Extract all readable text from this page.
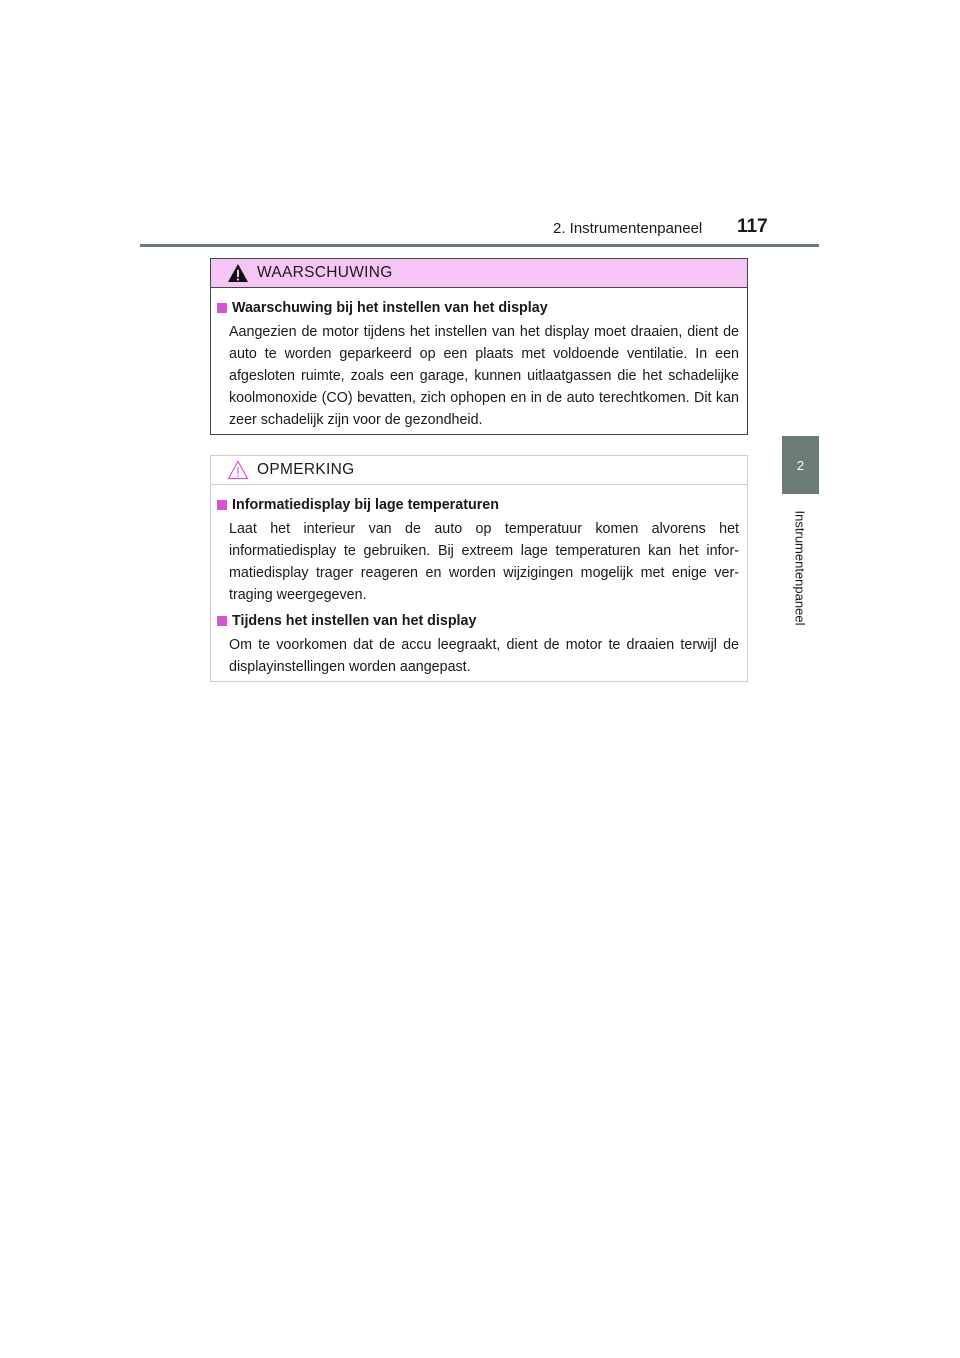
2. Instrumentenpaneel 117
2
Instrumentenpaneel
WAARSCHUWING
Waarschuwing bij het instellen van het display
Aangezien de motor tijdens het instellen van het display moet draaien, dient de auto te worden geparkeerd op een plaats met voldoende ventilatie. In een afgesloten ruimte, zoals een garage, kunnen uitlaatgassen die het schadelijke koolmonoxide (CO) bevatten, zich ophopen en in de auto terechtkomen. Dit kan zeer schadelijk zijn voor de gezondheid.
OPMERKING
Informatiedisplay bij lage temperaturen
Laat het interieur van de auto op temperatuur komen alvorens het informatiedisplay te gebruiken. Bij extreem lage temperaturen kan het infor-matiedisplay trager reageren en worden wijzigingen mogelijk met enige ver-traging weergegeven.
Tijdens het instellen van het display
Om te voorkomen dat de accu leegraakt, dient de motor te draaien terwijl de displayinstellingen worden aangepast.
